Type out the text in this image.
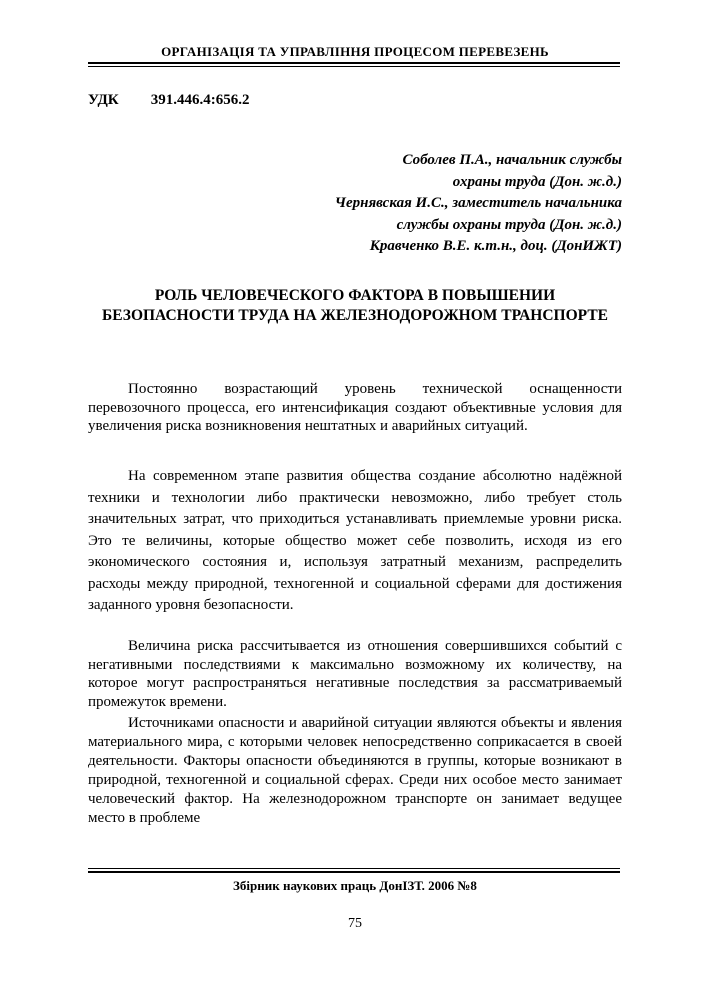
ОРГАНІЗАЦІЯ ТА УПРАВЛІННЯ ПРОЦЕСОМ ПЕРЕВЕЗЕНЬ
УДК 391.446.4:656.2
Соболев П.А., начальник службы
охраны труда (Дон. ж.д.)
Чернявская И.С., заместитель начальника
службы охраны труда (Дон. ж.д.)
Кравченко В.Е. к.т.н., доц. (ДонИЖТ)
РОЛЬ ЧЕЛОВЕЧЕСКОГО ФАКТОРА В ПОВЫШЕНИИ БЕЗОПАСНОСТИ ТРУДА НА ЖЕЛЕЗНОДОРОЖНОМ ТРАНСПОРТЕ

Постоянно возрастающий уровень технической оснащенности перевозочного процесса, его интенсификация создают объективные условия для увеличения риска возникновения нештатных и аварийных ситуаций.

На современном этапе развития общества создание абсолютно надёжной техники и технологии либо практически невозможно, либо требует столь значительных затрат, что приходиться устанавливать приемлемые уровни риска. Это те величины, которые общество может себе позволить, исходя из его экономического состояния и, используя затратный механизм, распределить расходы между природной, техногенной и социальной сферами для достижения заданного уровня безопасности.

Величина риска рассчитывается из отношения совершившихся событий с негативными последствиями к максимально возможному их количеству, на которое могут распространяться негативные последствия за рассматриваемый промежуток времени.

Источниками опасности и аварийной ситуации являются объекты и явления материального мира, с которыми человек непосредственно соприкасается в своей деятельности. Факторы опасности объединяются в группы, которые возникают в природной, техногенной и социальной сферах. Среди них особое место занимает человеческий фактор. На железнодорожном транспорте он занимает ведущее место в проблеме

Збірник наукових праць ДонІЗТ. 2006 №8
75
